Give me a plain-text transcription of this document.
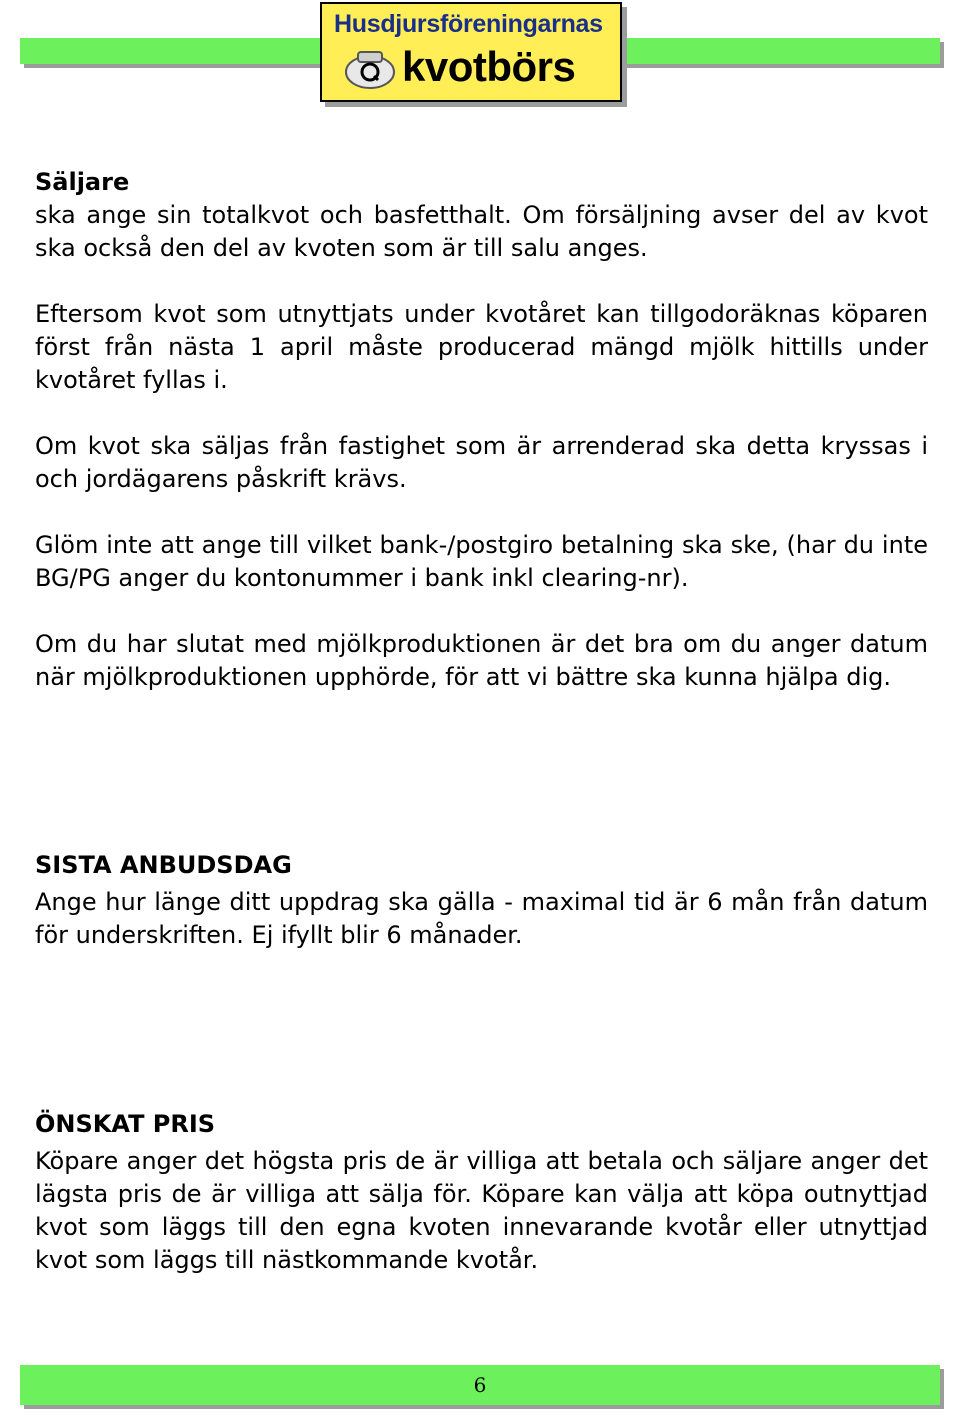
Husdjursföreningarnas
kvotbörs

Säljare

ska ange sin totalkvot och basfetthalt. Om försäljning avser del av kvot ska också den del av kvoten som är till salu anges.

Eftersom kvot som utnyttjats under kvotåret kan tillgodoräknas köparen först från nästa 1 april måste producerad mängd mjölk hittills under kvotåret fyllas i.

Om kvot ska säljas från fastighet som är arrenderad ska detta kryssas i och jordägarens påskrift krävs.

Glöm inte att ange till vilket bank-/postgiro betalning ska ske, (har du inte BG/PG anger du kontonummer i bank inkl clearing-nr).

Om du har slutat med mjölkproduktionen är det bra om du anger datum när mjölkproduktionen upphörde, för att vi bättre ska kunna hjälpa dig.

SISTA ANBUDSDAG

Ange hur länge ditt uppdrag ska gälla - maximal tid är 6 mån från datum för underskriften. Ej ifyllt blir 6 månader.

ÖNSKAT PRIS

Köpare anger det högsta pris de är villiga att betala och säljare anger det lägsta pris de är villiga att sälja för. Köpare kan välja att köpa outnyttjad kvot som läggs till den egna kvoten innevarande kvotår eller utnyttjad kvot som läggs till nästkommande kvotår.

6
